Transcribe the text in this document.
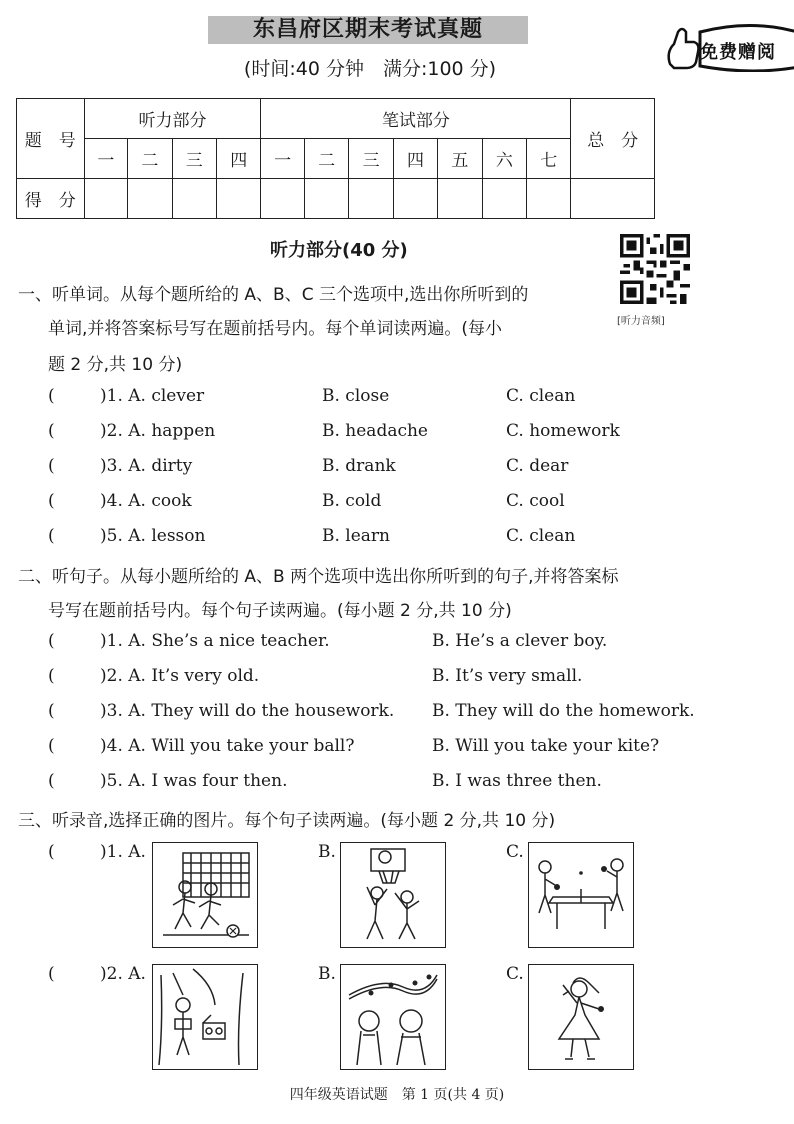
东昌府区期末考试真题
(时间:40 分钟　满分:100 分)
免费赠阅
题　号	听力部分				笔试部分							总　分
	一	二	三	四	一	二	三	四	五	六	七	
得　分												
听力部分(40 分)
[听力音频]
一、听单词。从每个题所给的 A、B、C 三个选项中,选出你所听到的
单词,并将答案标号写在题前括号内。每个单词读两遍。(每小
题 2 分,共 10 分)
(	)1. A. clever	B. close	C. clean
(	)2. A. happen	B. headache	C. homework
(	)3. A. dirty	B. drank	C. dear
(	)4. A. cook	B. cold	C. cool
(	)5. A. lesson	B. learn	C. clean
二、听句子。从每小题所给的 A、B 两个选项中选出你所听到的句子,并将答案标
号写在题前括号内。每个句子读两遍。(每小题 2 分,共 10 分)
(	)1. A. She’s a nice teacher.	B. He’s a clever boy.
(	)2. A. It’s very old.	B. It’s very small.
(	)3. A. They will do the housework. B. They will do the homework.
(	)4. A. Will you take your ball?	B. Will you take your kite?
(	)5. A. I was four then.	B. I was three then.
三、听录音,选择正确的图片。每个句子读两遍。(每小题 2 分,共 10 分)
(	)1. A.	B.	C.
(	)2. A.	B.	C.
四年级英语试题　第 1 页(共 4 页)
